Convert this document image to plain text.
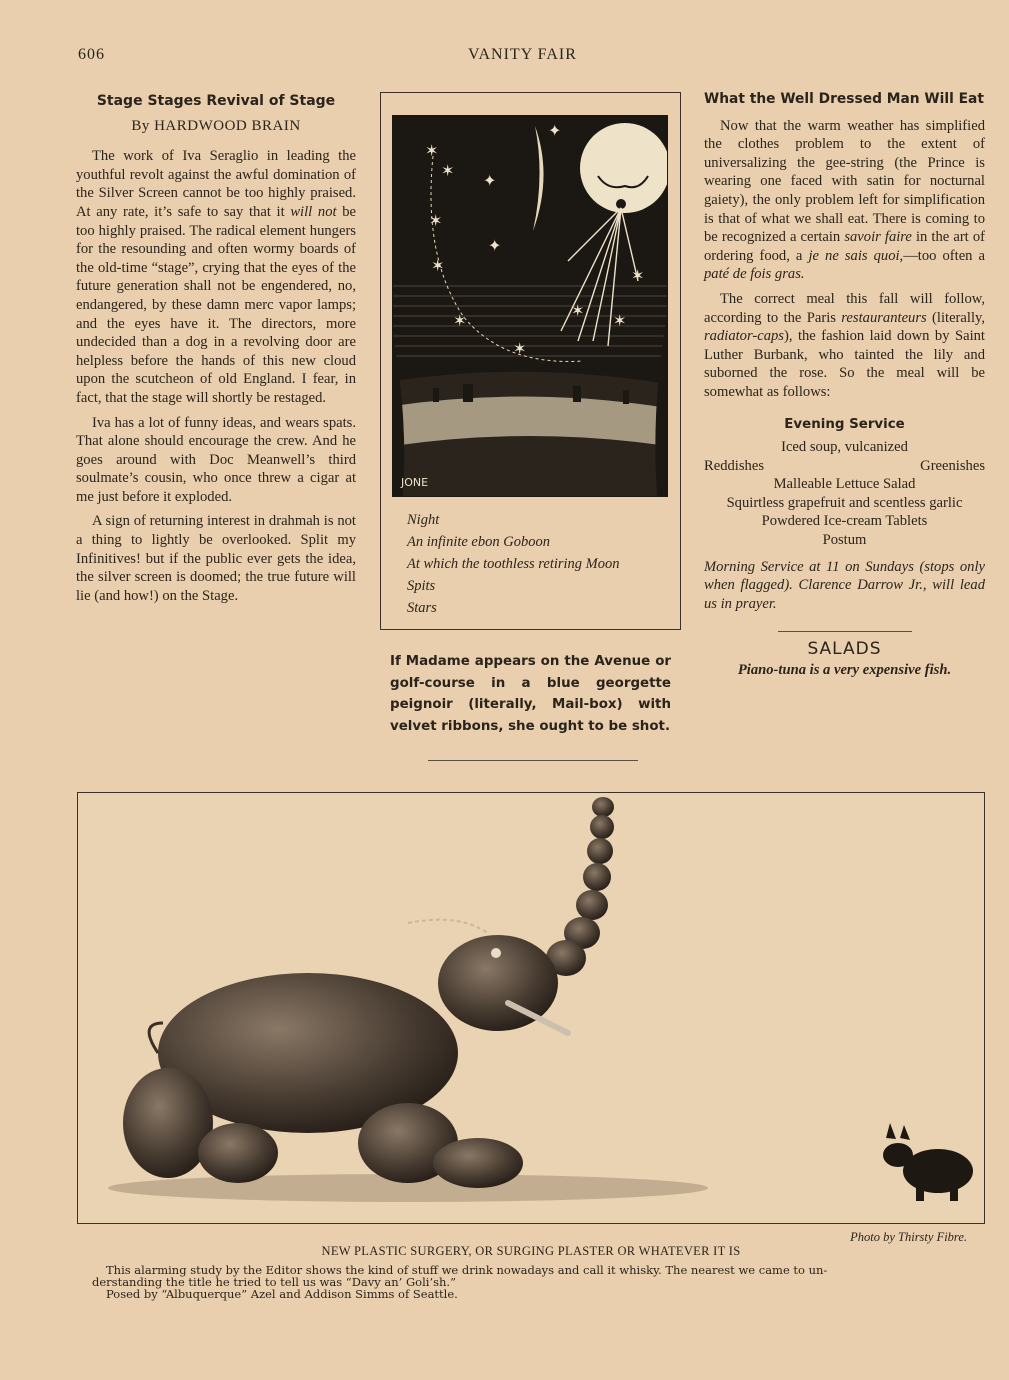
606	VANITY FAIR
Stage Stages Revival of Stage
By HARDWOOD BRAIN

The work of Iva Seraglio in leading the youthful revolt against the awful domination of the Silver Screen cannot be too highly praised. At any rate, it’s safe to say that it will not be too highly praised. The radical element hungers for the resounding and often wormy boards of the old-time “stage”, crying that the eyes of the future generation shall not be engendered, no, endangered, by these damn merc vapor lamps; and the eyes have it. The directors, more undecided than a dog in a revolving door are helpless before the hands of this new cloud upon the scutcheon of old England. I fear, in fact, that the stage will shortly be restaged.

Iva has a lot of funny ideas, and wears spats. That alone should encourage the crew. And he goes around with Doc Meanwell’s third soulmate’s cousin, who once threw a cigar at me just before it exploded.

A sign of returning interest in drahmah is not a thing to lightly be overlooked. Split my Infinitives! but if the public ever gets the idea, the silver screen is doomed; the true future will lie (and how!) on the Stage.

✶
✶
✶
✦
✶
✦
✦
✶
✶
✶
✶
✶
JONE
Night
An infinite ebon Goboon
At which the toothless retiring Moon
Spits
Stars
If Madame appears on the Avenue or golf-course in a blue georgette peignoir (literally, Mail-box) with velvet ribbons, she ought to be shot.
What the Well Dressed Man Will Eat

Now that the warm weather has simplified the clothes problem to the extent of universalizing the gee-string (the Prince is wearing one faced with satin for nocturnal gaiety), the only problem left for simplification is that of what we shall eat. There is coming to be recognized a certain savoir faire in the art of ordering food, a je ne sais quoi,—too often a paté de fois gras.

The correct meal this fall will follow, according to the Paris restauranteurs (literally, radiator-caps), the fashion laid down by Saint Luther Burbank, who tainted the lily and suborned the rose. So the meal will be somewhat as follows:

Evening Service
Iced soup, vulcanized
Reddishes	Greenishes
Malleable Lettuce Salad
Squirtless grapefruit and scentless garlic
Powdered Ice-cream Tablets
Postum
Morning Service at 11 on Sundays (stops only when flagged). Clarence Darrow Jr., will lead us in prayer.
SALADS
Piano-tuna is a very expensive fish.
Photo by Thirsty Fibre.
NEW PLASTIC SURGERY, OR SURGING PLASTER OR WHATEVER IT IS
This alarming study by the Editor shows the kind of stuff we drink nowadays and call it whisky. The nearest we came to un-
derstanding the title he tried to tell us was “Davy an’ Goli’sh.”
Posed by “Albuquerque” Azel and Addison Simms of Seattle.
